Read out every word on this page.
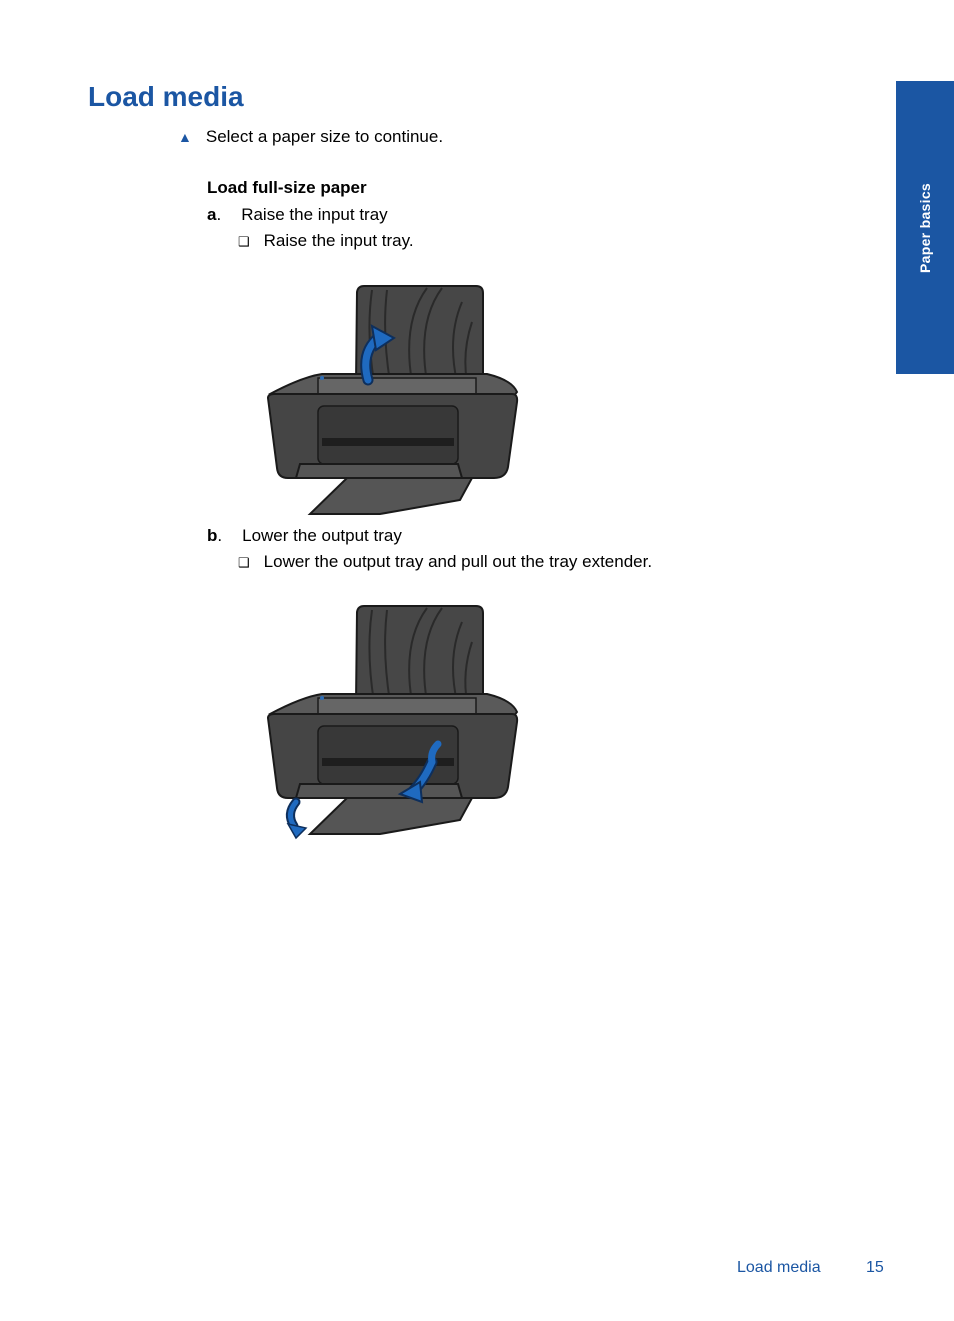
Load media
▲ Select a paper size to continue.
Load full-size paper
a. Raise the input tray
❑ Raise the input tray.
b. Lower the output tray
❑ Lower the output tray and pull out the tray extender.
Paper basics
Load media	15
